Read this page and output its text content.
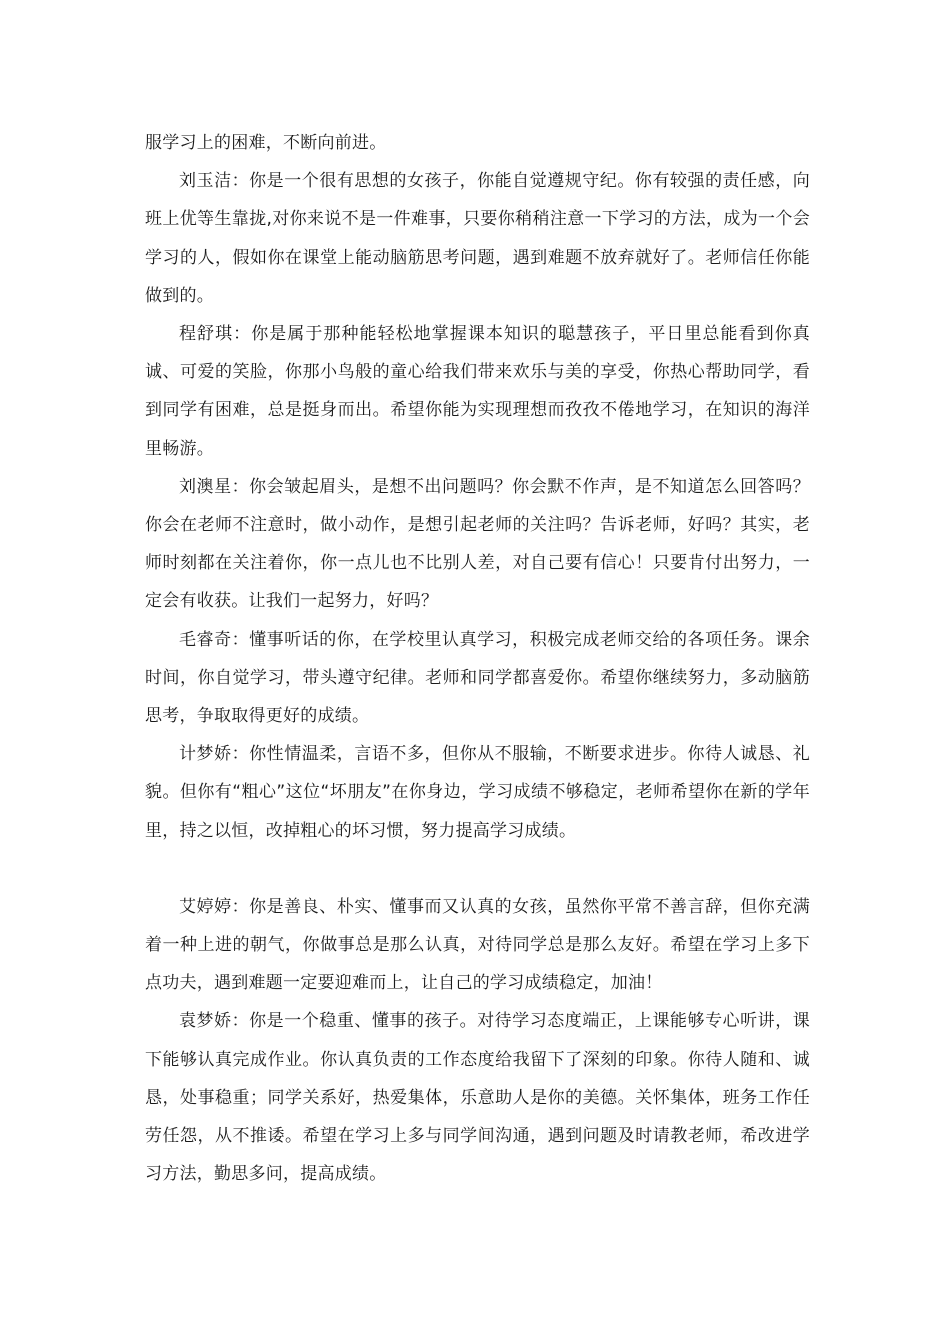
服学习上的困难，不断向前进。

刘玉洁：你是一个很有思想的女孩子，你能自觉遵规守纪。你有较强的责任感，向班上优等生靠拢,对你来说不是一件难事，只要你稍稍注意一下学习的方法，成为一个会学习的人，假如你在课堂上能动脑筋思考问题，遇到难题不放弃就好了。老师信任你能做到的。

程舒琪：你是属于那种能轻松地掌握课本知识的聪慧孩子，平日里总能看到你真诚、可爱的笑脸，你那小鸟般的童心给我们带来欢乐与美的享受，你热心帮助同学，看到同学有困难，总是挺身而出。希望你能为实现理想而孜孜不倦地学习，在知识的海洋里畅游。

刘澳星：你会皱起眉头，是想不出问题吗？你会默不作声，是不知道怎么回答吗？你会在老师不注意时，做小动作，是想引起老师的关注吗？告诉老师，好吗？其实，老师时刻都在关注着你，你一点儿也不比别人差，对自己要有信心！只要肯付出努力，一定会有收获。让我们一起努力，好吗？

毛睿奇：懂事听话的你，在学校里认真学习，积极完成老师交给的各项任务。课余时间，你自觉学习，带头遵守纪律。老师和同学都喜爱你。希望你继续努力，多动脑筋思考，争取取得更好的成绩。

计梦娇：你性情温柔，言语不多，但你从不服输，不断要求进步。你待人诚恳、礼貌。但你有“粗心”这位“坏朋友”在你身边，学习成绩不够稳定，老师希望你在新的学年里，持之以恒，改掉粗心的坏习惯，努力提高学习成绩。

艾婷婷：你是善良、朴实、懂事而又认真的女孩，虽然你平常不善言辞，但你充满着一种上进的朝气，你做事总是那么认真，对待同学总是那么友好。希望在学习上多下点功夫，遇到难题一定要迎难而上，让自己的学习成绩稳定，加油！

袁梦娇：你是一个稳重、懂事的孩子。对待学习态度端正，上课能够专心听讲，课下能够认真完成作业。你认真负责的工作态度给我留下了深刻的印象。你待人随和、诚恳，处事稳重；同学关系好，热爱集体，乐意助人是你的美德。关怀集体，班务工作任劳任怨，从不推诿。希望在学习上多与同学间沟通，遇到问题及时请教老师，希改进学习方法，勤思多问，提高成绩。
